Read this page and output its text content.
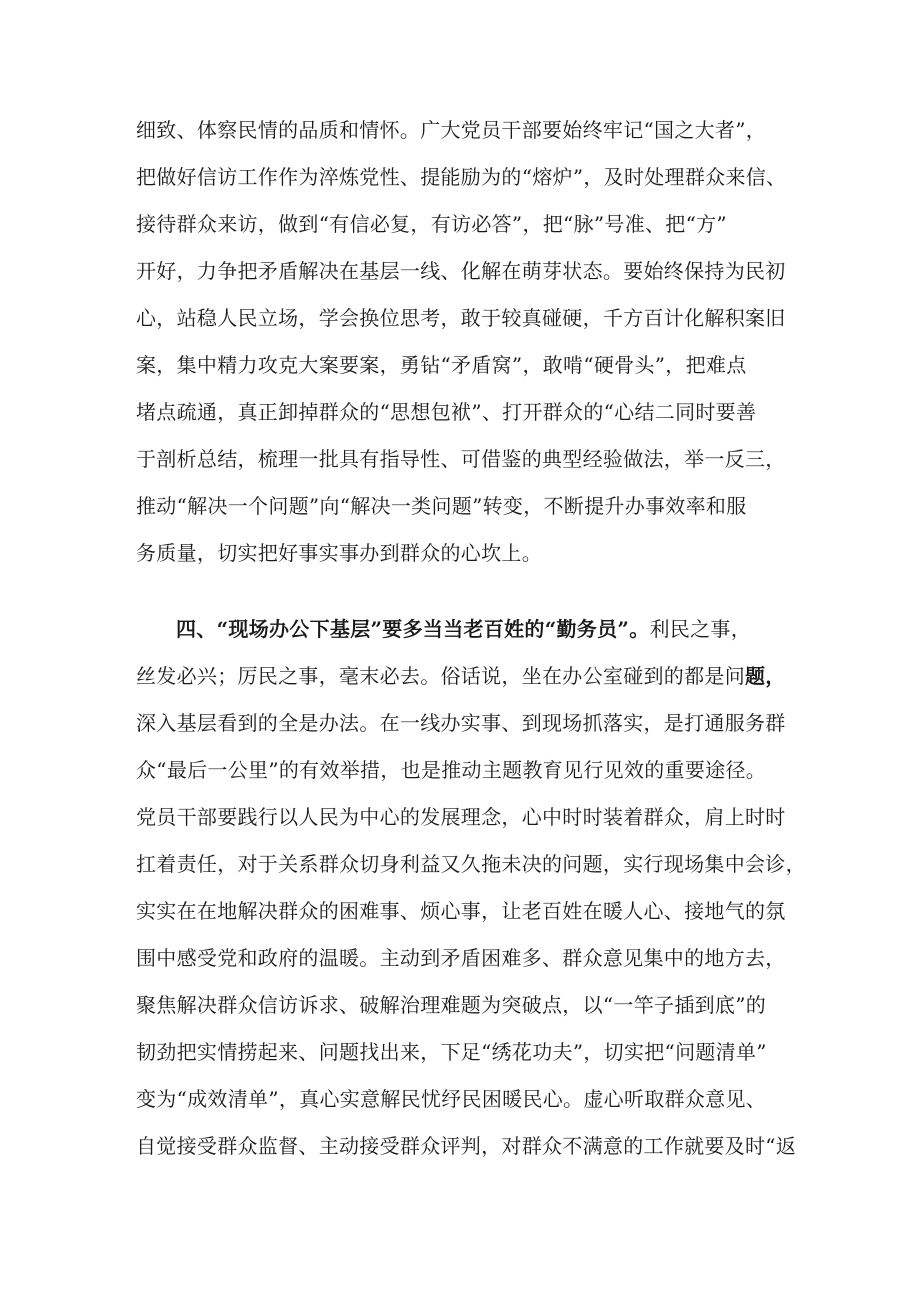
细致、体察民情的品质和情怀。广大党员干部要始终牢记“国之大者”，
把做好信访工作作为淬炼党性、提能励为的“熔炉”，及时处理群众来信、
接待群众来访，做到“有信必复，有访必答”，把“脉”号准、把“方”
开好，力争把矛盾解决在基层一线、化解在萌芽状态。要始终保持为民初
心，站稳人民立场，学会换位思考，敢于较真碰硬，千方百计化解积案旧
案，集中精力攻克大案要案，勇钻“矛盾窝”，敢啃“硬骨头”，把难点
堵点疏通，真正卸掉群众的“思想包袱”、打开群众的“心结二同时要善
于剖析总结，梳理一批具有指导性、可借鉴的典型经验做法，举一反三，
推动“解决一个问题”向“解决一类问题”转变，不断提升办事效率和服
务质量，切实把好事实事办到群众的心坎上。
四、“现场办公下基层”要多当当老百姓的“勤务员”。利民之事，
丝发必兴；厉民之事，毫末必去。俗话说，坐在办公室碰到的都是问题，
深入基层看到的全是办法。在一线办实事、到现场抓落实，是打通服务群
众“最后一公里”的有效举措，也是推动主题教育见行见效的重要途径。
党员干部要践行以人民为中心的发展理念，心中时时装着群众，肩上时时
扛着责任，对于关系群众切身利益又久拖未决的问题，实行现场集中会诊，
实实在在地解决群众的困难事、烦心事，让老百姓在暖人心、接地气的氛
围中感受党和政府的温暖。主动到矛盾困难多、群众意见集中的地方去，
聚焦解决群众信访诉求、破解治理难题为突破点，以“一竿子插到底”的
韧劲把实情捞起来、问题找出来，下足“绣花功夫”，切实把“问题清单”
变为“成效清单”，真心实意解民忧纾民困暖民心。虚心听取群众意见、
自觉接受群众监督、主动接受群众评判，对群众不满意的工作就要及时“返
